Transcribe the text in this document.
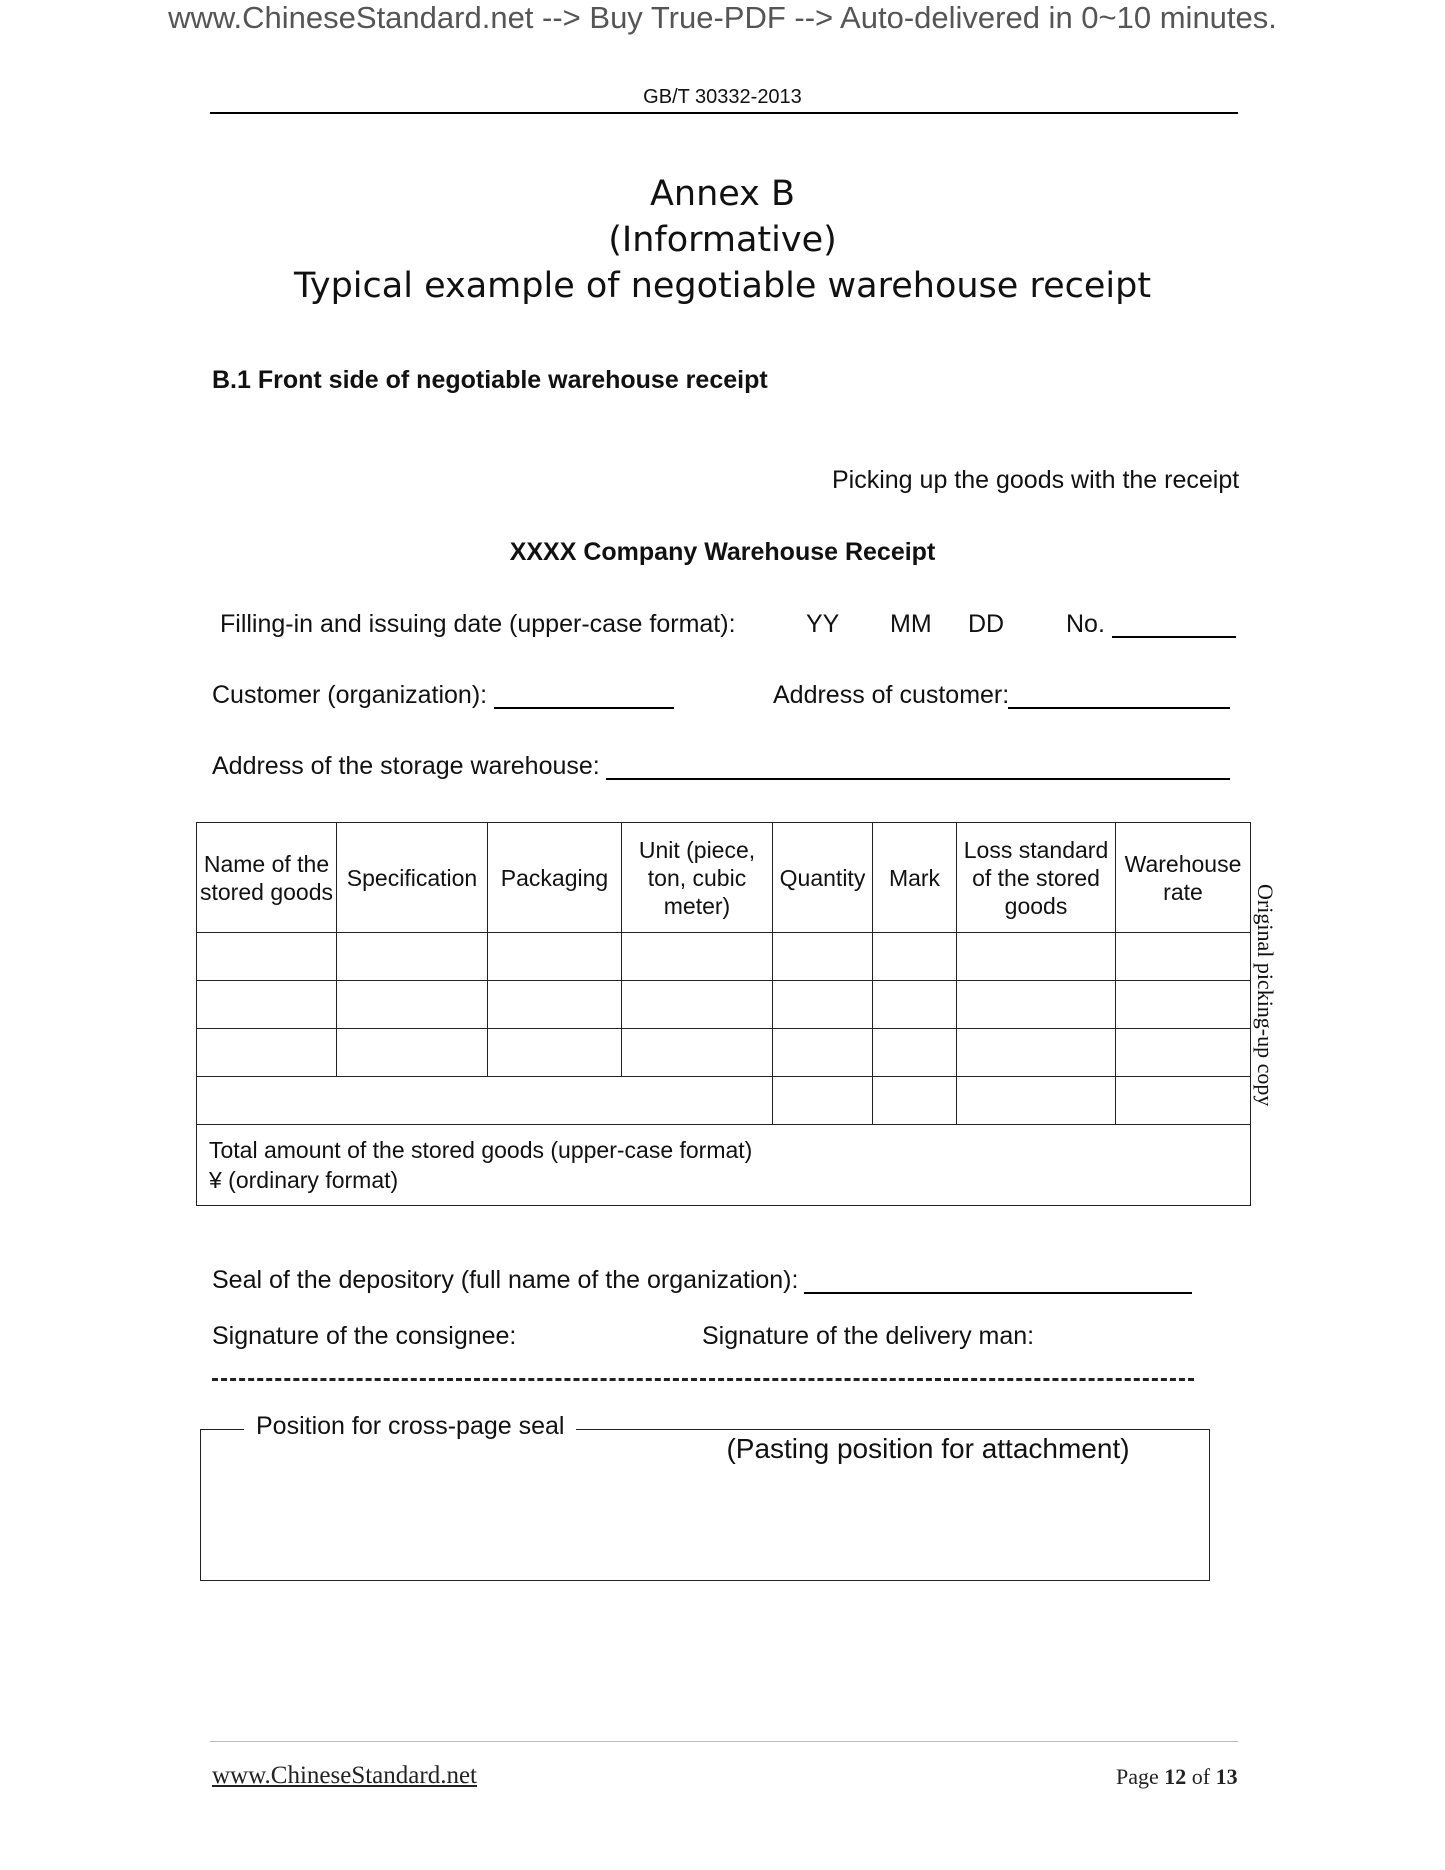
www.ChineseStandard.net --> Buy True-PDF --> Auto-delivered in 0~10 minutes.
GB/T 30332-2013
Annex B
(Informative)
Typical example of negotiable warehouse receipt
B.1 Front side of negotiable warehouse receipt
Picking up the goods with the receipt
XXXX Company Warehouse Receipt
Filling-in and issuing date (upper-case format):	YY MM DD No.
Customer (organization):	Address of customer:
Address of the storage warehouse:
Name of the stored goods	Specification	Packaging	Unit (piece, ton, cubic meter)	Quantity	Mark	Loss standard of the stored goods	Warehouse rate

Total amount of the stored goods (upper-case format)
¥ (ordinary format)							
Original picking-up copy
Seal of the depository (full name of the organization):
Signature of the consignee:	Signature of the delivery man:
Position for cross-page seal
(Pasting position for attachment)
www.ChineseStandard.net	Page 12 of 13
